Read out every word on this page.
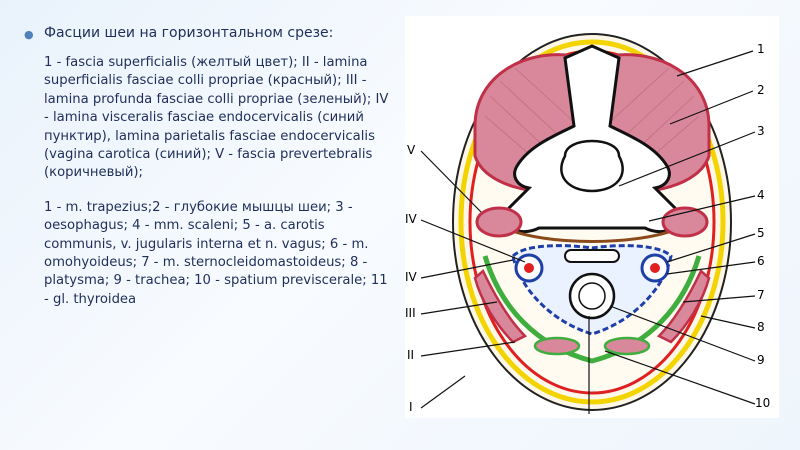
● Фасции шеи на горизонтальном срезе:
1 - fascia superficialis (желтый цвет); II - lamina superficialis fasciae colli propriae (красный); III - lamina profunda fasciae colli propriae (зеленый); IV - lamina visceralis fasciae endocervicalis (синий пунктир), lamina parietalis fasciae endocervicalis (vagina carotica (синий); V - fascia prevertebralis (коричневый);
1 - m. trapezius;2 - глубокие мышцы шеи; 3 - oesophagus; 4 - mm. scaleni; 5 - a. carotis communis, v. jugularis interna et n. vagus; 6 - m. omohyoideus; 7 - m. sternocleidomastoideus; 8 - platysma; 9 - trachea; 10 - spatium previscerale; 11 - gl. thyroidea
1
2
3
4
5
6
7
8
9
10
V
IV
IV
III
II
I
